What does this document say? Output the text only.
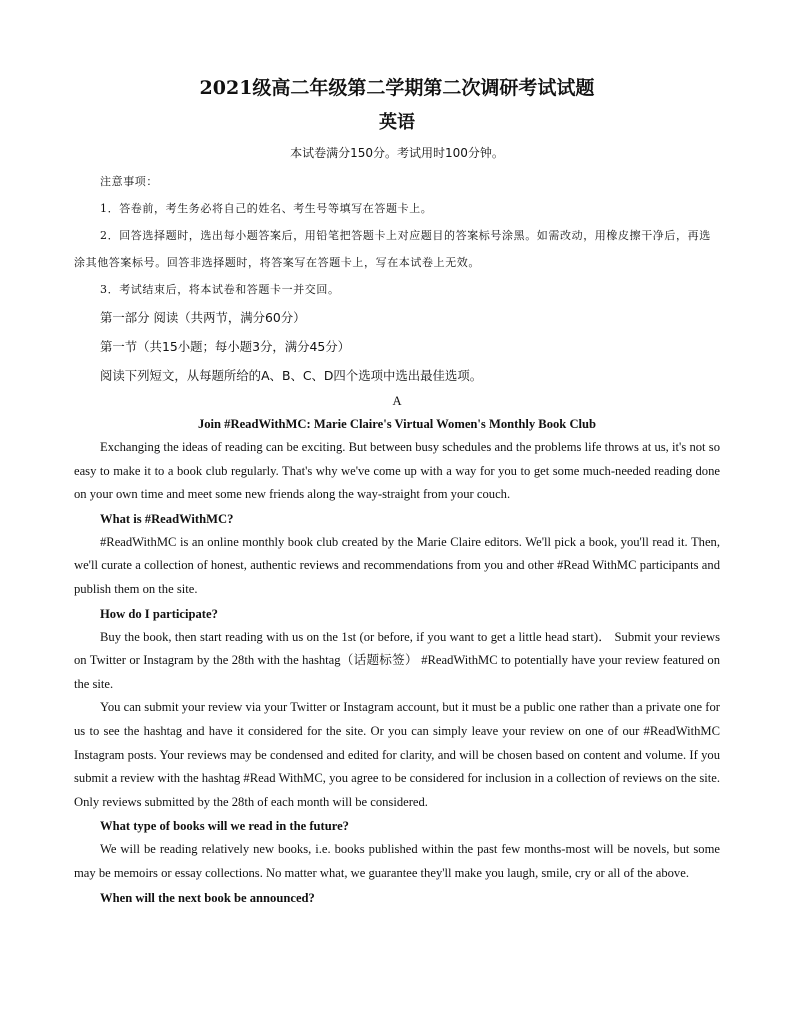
2021级高二年级第二学期第二次调研考试试题
英语
本试卷满分150分。考试用时100分钟。
注意事项：
1．答卷前，考生务必将自己的姓名、考生号等填写在答题卡上。
2．回答选择题时，选出每小题答案后，用铅笔把答题卡上对应题目的答案标号涂黑。如需改动，用橡皮擦干净后，再选涂其他答案标号。回答非选择题时，将答案写在答题卡上，写在本试卷上无效。
3．考试结束后，将本试卷和答题卡一并交回。
第一部分 阅读（共两节，满分60分）
第一节（共15小题；每小题3分，满分45分）
阅读下列短文，从每题所给的A、B、C、D四个选项中选出最佳选项。
A
Join #ReadWithMC: Marie Claire's Virtual Women's Monthly Book Club

Exchanging the ideas of reading can be exciting. But between busy schedules and the problems life throws at us, it's not so easy to make it to a book club regularly. That's why we've come up with a way for you to get some much-needed reading done on your own time and meet some new friends along the way-straight from your couch.

What is #ReadWithMC?

#ReadWithMC is an online monthly book club created by the Marie Claire editors. We'll pick a book, you'll read it. Then, we'll curate a collection of honest, authentic reviews and recommendations from you and other #Read WithMC participants and publish them on the site.

How do I participate?

Buy the book, then start reading with us on the 1st (or before, if you want to get a little head start)． Submit your reviews on Twitter or Instagram by the 28th with the hashtag（话题标签） #ReadWithMC to potentially have your review featured on the site.

You can submit your review via your Twitter or Instagram account, but it must be a public one rather than a private one for us to see the hashtag and have it considered for the site. Or you can simply leave your review on one of our #ReadWithMC Instagram posts. Your reviews may be condensed and edited for clarity, and will be chosen based on content and volume. If you submit a review with the hashtag #Read WithMC, you agree to be considered for inclusion in a collection of reviews on the site. Only reviews submitted by the 28th of each month will be considered.

What type of books will we read in the future?

We will be reading relatively new books, i.e. books published within the past few months-most will be novels, but some may be memoirs or essay collections. No matter what, we guarantee they'll make you laugh, smile, cry or all of the above.

When will the next book be announced?
